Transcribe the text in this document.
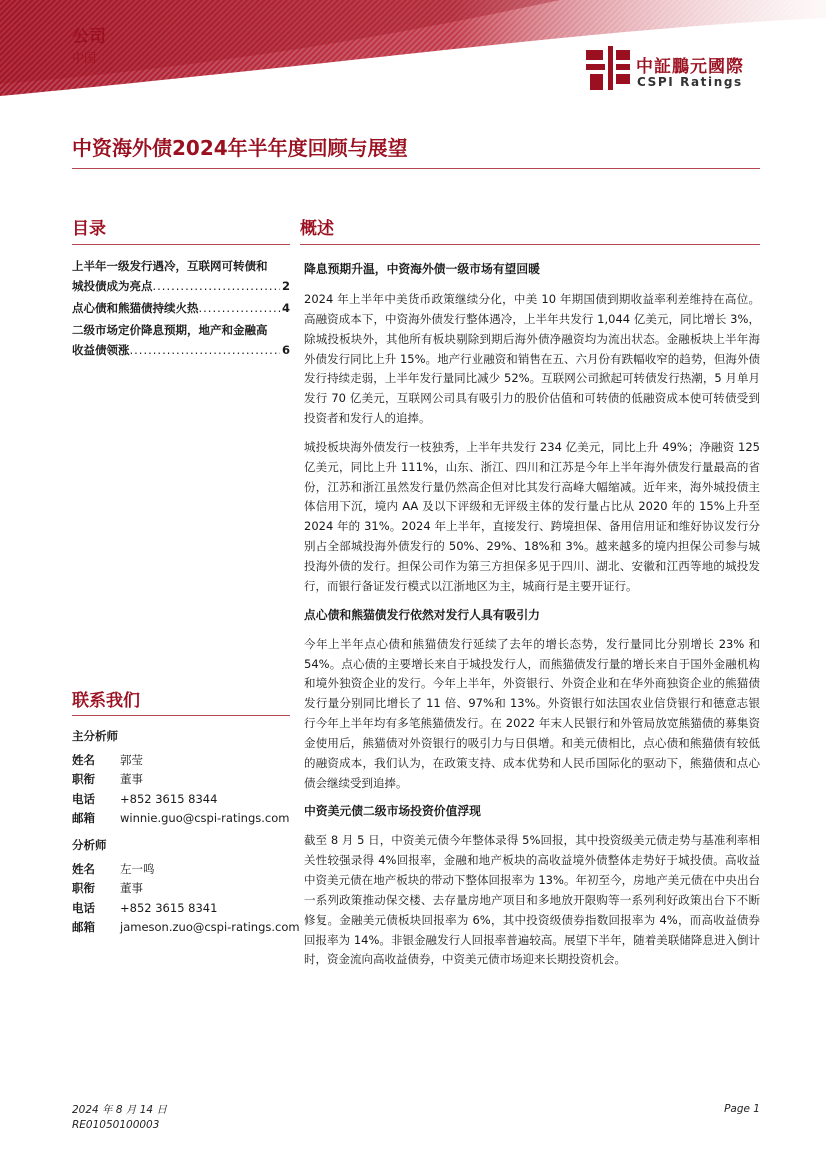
公司
中国	中証鵬元國際
CSPI Ratings
中资海外债2024年半年度回顾与展望
目录
上半年一级发行遇冷，互联网可转债和
城投债成为亮点 .....	2
点心债和熊猫债持续火热 .....	4
二级市场定价降息预期，地产和金融高
收益债领涨 .....	6
联系我们
主分析师
姓名	郭莹
职衔	董事
电话	+852 3615 8344
邮箱	winnie.guo@cspi-ratings.com
分析师
姓名	左一鸣
职衔	董事
电话	+852 3615 8341
邮箱	jameson.zuo@cspi-ratings.com
概述
降息预期升温，中资海外债一级市场有望回暖

2024 年上半年中美货币政策继续分化，中美 10 年期国债到期收益率利差维持在高位。高融资成本下，中资海外债发行整体遇冷，上半年共发行 1,044 亿美元，同比增长 3%，除城投板块外，其他所有板块剔除到期后海外债净融资均为流出状态。金融板块上半年海外债发行同比上升 15%。地产行业融资和销售在五、六月份有跌幅收窄的趋势，但海外债发行持续走弱，上半年发行量同比减少 52%。互联网公司掀起可转债发行热潮，5 月单月发行 70 亿美元，互联网公司具有吸引力的股价估值和可转债的低融资成本使可转债受到投资者和发行人的追捧。

城投板块海外债发行一枝独秀，上半年共发行 234 亿美元，同比上升 49%；净融资 125 亿美元，同比上升 111%，山东、浙江、四川和江苏是今年上半年海外债发行量最高的省份，江苏和浙江虽然发行量仍然高企但对比其发行高峰大幅缩减。近年来，海外城投债主体信用下沉，境内 AA 及以下评级和无评级主体的发行量占比从 2020 年的 15%上升至 2024 年的 31%。2024 年上半年，直接发行、跨境担保、备用信用证和维好协议发行分别占全部城投海外债发行的 50%、29%、18%和 3%。越来越多的境内担保公司参与城投海外债的发行。担保公司作为第三方担保多见于四川、湖北、安徽和江西等地的城投发行，而银行备证发行模式以江浙地区为主，城商行是主要开证行。

点心债和熊猫债发行依然对发行人具有吸引力

今年上半年点心债和熊猫债发行延续了去年的增长态势，发行量同比分别增长 23% 和 54%。点心债的主要增长来自于城投发行人，而熊猫债发行量的增长来自于国外金融机构和境外独资企业的发行。今年上半年，外资银行、外资企业和在华外商独资企业的熊猫债发行量分别同比增长了 11 倍、97%和 13%。外资银行如法国农业信贷银行和德意志银行今年上半年均有多笔熊猫债发行。在 2022 年末人民银行和外管局放宽熊猫债的募集资金使用后，熊猫债对外资银行的吸引力与日俱增。和美元债相比，点心债和熊猫债有较低的融资成本，我们认为，在政策支持、成本优势和人民币国际化的驱动下，熊猫债和点心债会继续受到追捧。

中资美元债二级市场投资价值浮现

截至 8 月 5 日，中资美元债今年整体录得 5%回报，其中投资级美元债走势与基准利率相关性较强录得 4%回报率，金融和地产板块的高收益境外债整体走势好于城投债。高收益中资美元债在地产板块的带动下整体回报率为 13%。年初至今，房地产美元债在中央出台一系列政策推动保交楼、去存量房地产项目和多地放开限购等一系列利好政策出台下不断修复。金融美元债板块回报率为 6%，其中投资级债券指数回报率为 4%，而高收益债券回报率为 14%。非银金融发行人回报率普遍较高。展望下半年，随着美联储降息进入倒计时，资金流向高收益债券，中资美元债市场迎来长期投资机会。

2024 年 8 月 14 日
RE01050100003
Page 1
